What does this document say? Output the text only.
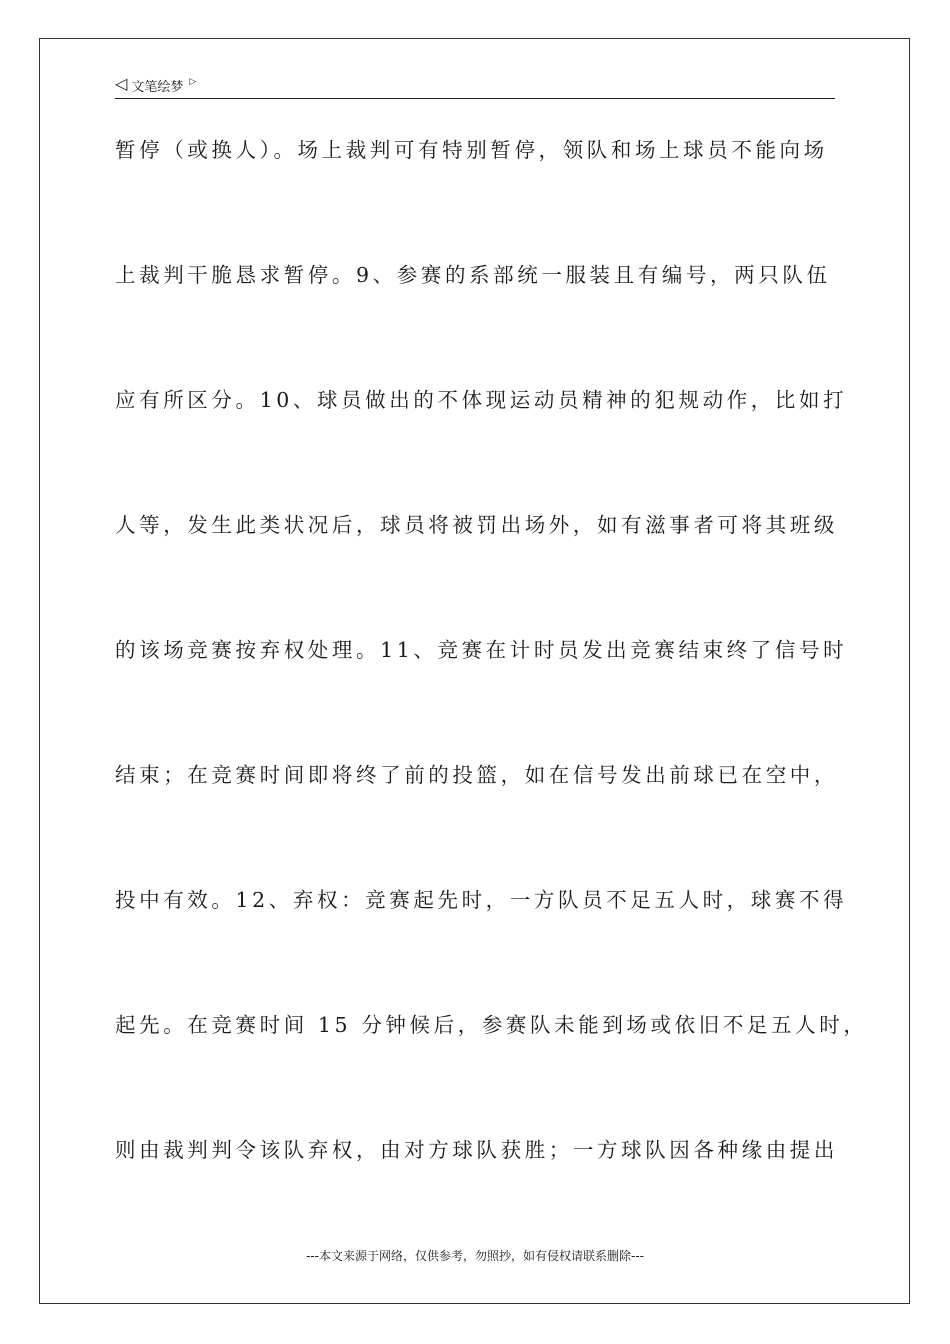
◁ 文笔绘梦 ▷
暂停（或换人）。场上裁判可有特别暂停，领队和场上球员不能向场
上裁判干脆恳求暂停。9、参赛的系部统一服装且有编号，两只队伍
应有所区分。10、球员做出的不体现运动员精神的犯规动作，比如打
人等，发生此类状况后，球员将被罚出场外，如有滋事者可将其班级
的该场竞赛按弃权处理。11、竞赛在计时员发出竞赛结束终了信号时
结束；在竞赛时间即将终了前的投篮，如在信号发出前球已在空中，
投中有效。12、弃权：竞赛起先时，一方队员不足五人时，球赛不得
起先。在竞赛时间 15 分钟候后，参赛队未能到场或依旧不足五人时，
则由裁判判令该队弃权，由对方球队获胜；一方球队因各种缘由提出
---本文来源于网络，仅供参考，勿照抄，如有侵权请联系删除---
